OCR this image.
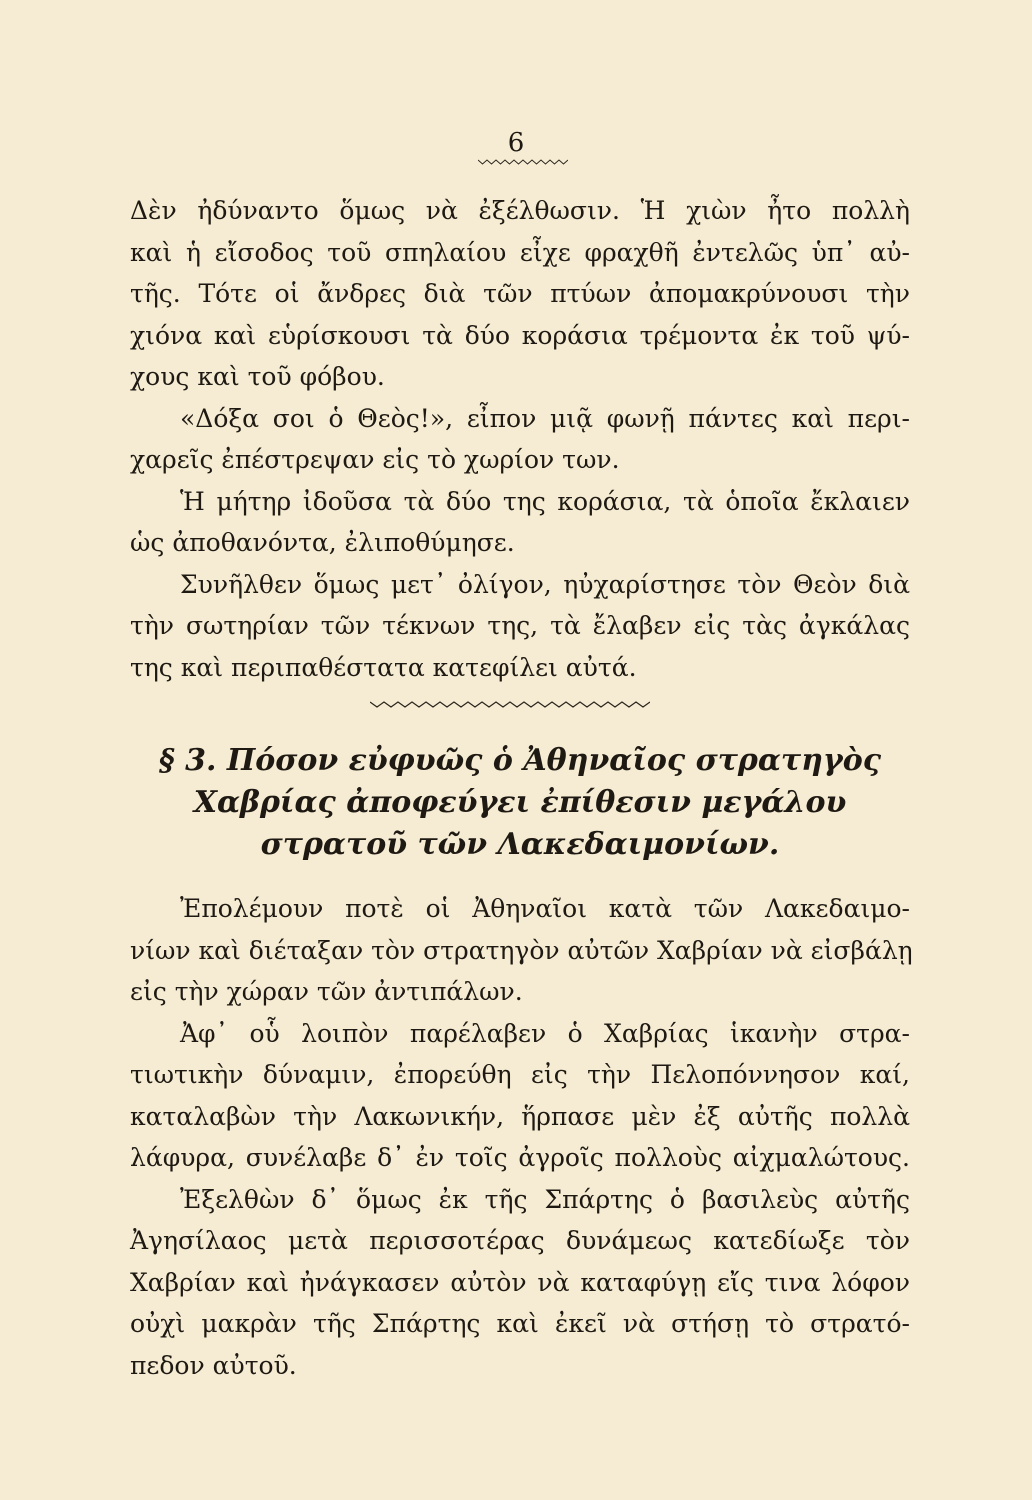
6
Δὲν ἠδύναντο ὅμως νὰ ἐξέλθωσιν. Ἡ χιὼν ἦτο πολλὴ
καὶ ἡ εἴσοδος τοῦ σπηλαίου εἶχε φραχθῆ ἐντελῶς ὑπ᾿ αὐ-
τῆς. Τότε οἱ ἄνδρες διὰ τῶν πτύων ἀπομακρύνουσι τὴν
χιόνα καὶ εὑρίσκουσι τὰ δύο κοράσια τρέμοντα ἐκ τοῦ ψύ-
χους καὶ τοῦ φόβου.
«Δόξα σοι ὁ Θεὸς!», εἶπον μιᾷ φωνῇ πάντες καὶ περι-
χαρεῖς ἐπέστρεψαν εἰς τὸ χωρίον των.
Ἡ μήτηρ ἰδοῦσα τὰ δύο της κοράσια, τὰ ὁποῖα ἔκλαιεν
ὡς ἀποθανόντα, ἐλιποθύμησε.
Συνῆλθεν ὅμως μετ᾿ ὀλίγον, ηὐχαρίστησε τὸν Θεὸν διὰ
τὴν σωτηρίαν τῶν τέκνων της, τὰ ἔλαβεν εἰς τὰς ἀγκάλας
της καὶ περιπαθέστατα κατεφίλει αὐτά.
§ 3. Πόσον εὐφυῶς ὁ Ἀθηναῖος στρατηγὸς
Χαβρίας ἀποφεύγει ἐπίθεσιν μεγάλου
στρατοῦ τῶν Λακεδαιμονίων.
Ἐπολέμουν ποτὲ οἱ Ἀθηναῖοι κατὰ τῶν Λακεδαιμο-
νίων καὶ διέταξαν τὸν στρατηγὸν αὐτῶν Χαβρίαν νὰ εἰσβάλῃ
εἰς τὴν χώραν τῶν ἀντιπάλων.
Ἀφ᾿ οὗ λοιπὸν παρέλαβεν ὁ Χαβρίας ἱκανὴν στρα-
τιωτικὴν δύναμιν, ἐπορεύθη εἰς τὴν Πελοπόννησον καί,
καταλαβὼν τὴν Λακωνικήν, ἥρπασε μὲν ἐξ αὐτῆς πολλὰ
λάφυρα, συνέλαβε δ᾿ ἐν τοῖς ἀγροῖς πολλοὺς αἰχμαλώτους.
Ἐξελθὼν δ᾿ ὅμως ἐκ τῆς Σπάρτης ὁ βασιλεὺς αὐτῆς
Ἀγησίλαος μετὰ περισσοτέρας δυνάμεως κατεδίωξε τὸν
Χαβρίαν καὶ ἠνάγκασεν αὐτὸν νὰ καταφύγῃ εἴς τινα λόφον
οὐχὶ μακρὰν τῆς Σπάρτης καὶ ἐκεῖ νὰ στήσῃ τὸ στρατό-
πεδον αὐτοῦ.
